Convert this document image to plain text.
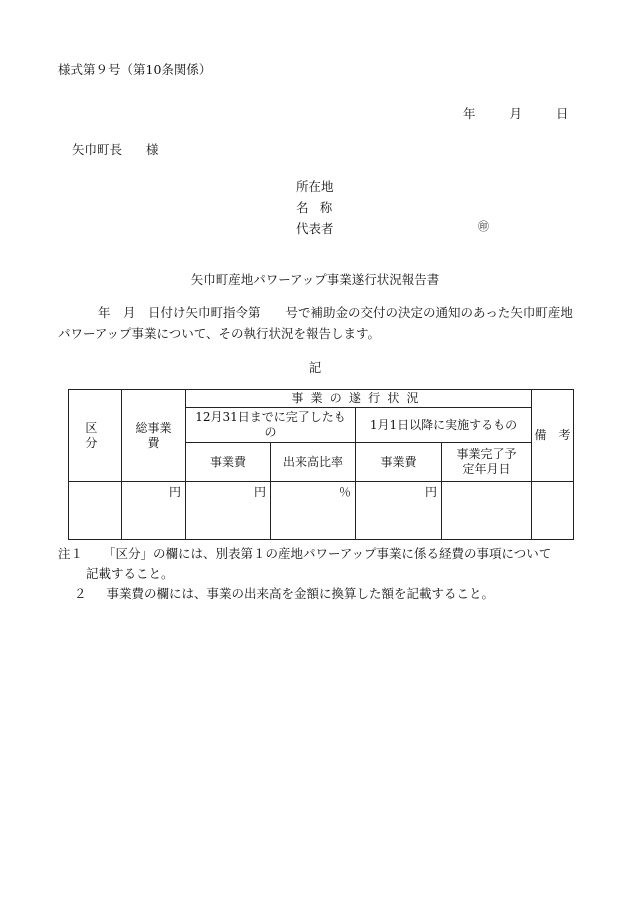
様式第９号（第10条関係）
年	月	日
矢巾町長 様
所在地
名称
代表者	㊞
矢巾町産地パワーアップ事業遂行状況報告書
年　月　日付け矢巾町指令第　　号で補助金の交付の決定の通知のあった矢巾町産地パワーアップ事業について、その執行状況を報告します。
記
区　分	総事業費	事業の遂行状況				備　考
		12月31日までに完了したもの		1月1日以降に実施するもの		
		事業費	出来高比率	事業費	事業完了予定年月日	
	円	円	％	円		
注１ 「区分」の欄には、別表第１の産地パワーアップ事業に係る経費の事項について
記載すること。
２ 事業費の欄には、事業の出来高を金額に換算した額を記載すること。
